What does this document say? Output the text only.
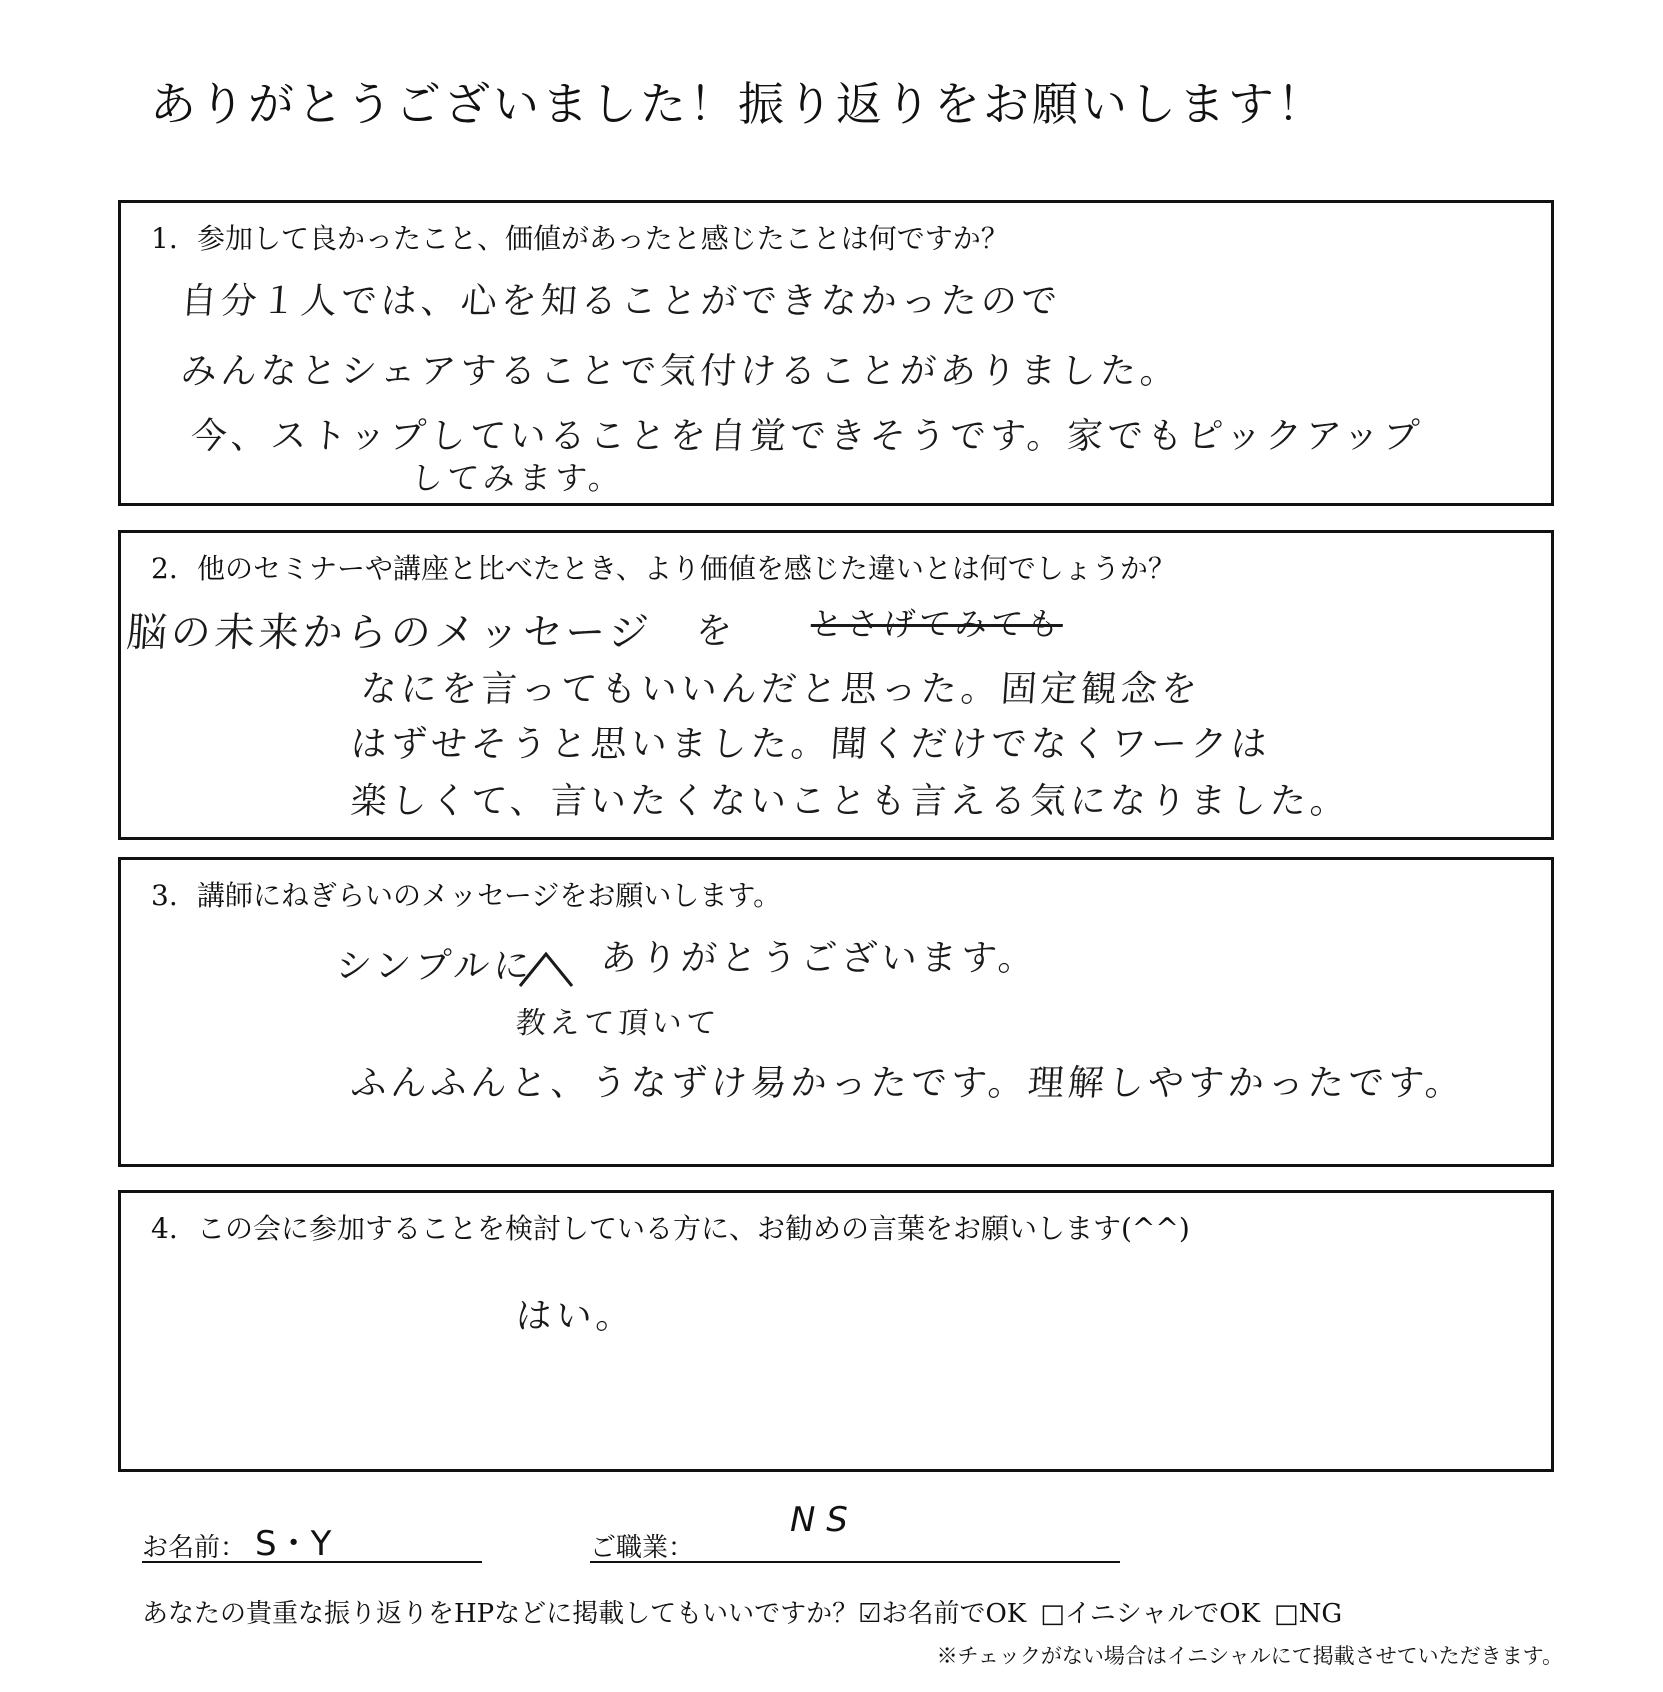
ありがとうございました！振り返りをお願いします！
1. 参加して良かったこと、価値があったと感じたことは何ですか？
自分１人では、心を知ることができなかったので
みんなとシェアすることで気付けることがありました。
今、ストップしていることを自覚できそうです。家でもピックアップ
してみます。
2. 他のセミナーや講座と比べたとき、より価値を感じた違いとは何でしょうか？
脳の未来からのメッセージ を とさげてみても
なにを言ってもいいんだと思った。固定観念を
はずせそうと思いました。聞くだけでなくワークは
楽しくて、言いたくないことも言える気になりました。
3. 講師にねぎらいのメッセージをお願いします。
シンプルに ありがとうございます。
教えて頂いて
ふんふんと、うなずけ易かったです。理解しやすかったです。
4. この会に参加することを検討している方に、お勧めの言葉をお願いします(^^)
はい。
お名前： S・Y	ご職業：
N S
あなたの貴重な振り返りをHPなどに掲載してもいいですか？☑お名前でOK □イニシャルでOK □NG
※チェックがない場合はイニシャルにて掲載させていただきます。
